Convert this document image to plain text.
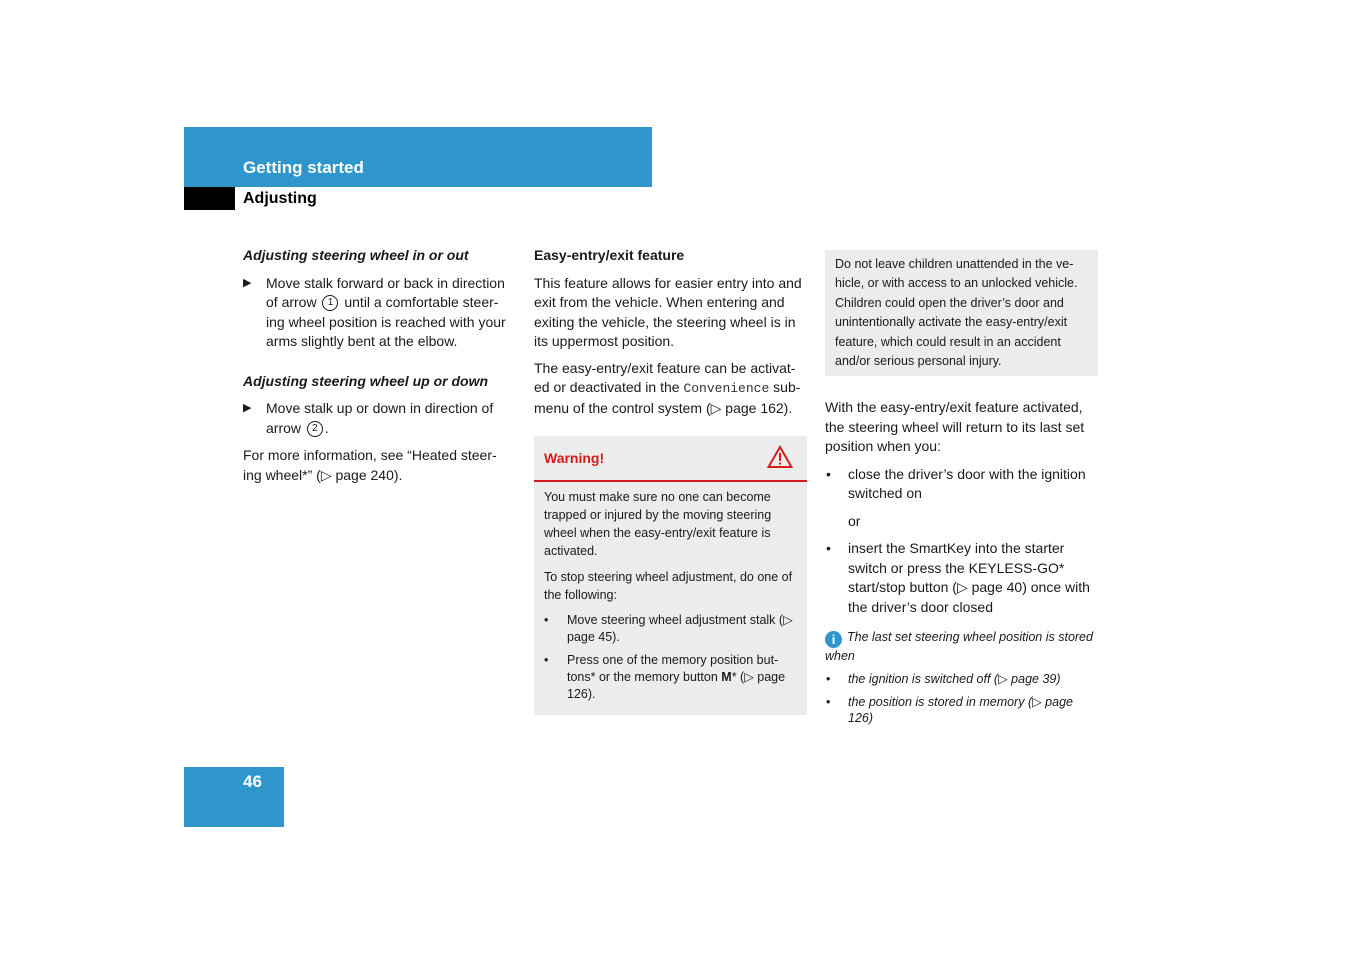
Getting started
Adjusting
Adjusting steering wheel in or out
▶ Move stalk forward or back in direction of arrow 1 until a comfortable steer-ing wheel position is reached with your arms slightly bent at the elbow.
Adjusting steering wheel up or down
▶ Move stalk up or down in direction of arrow 2 .

For more information, see “Heated steer-ing wheel*” (▷ page 240).

Easy-entry/exit feature

This feature allows for easier entry into and exit from the vehicle. When entering and exiting the vehicle, the steering wheel is in its uppermost position.

The easy-entry/exit feature can be activat-ed or deactivated in the Convenience sub-menu of the control system (▷ page 162).

Warning!

You must make sure no one can become trapped or injured by the moving steering wheel when the easy-entry/exit feature is activated.

To stop steering wheel adjustment, do one of the following:

• Move steering wheel adjustment stalk (▷ page 45).
• Press one of the memory position but-tons* or the memory button M* (▷ page 126).
Do not leave children unattended in the ve-hicle, or with access to an unlocked vehicle. Children could open the driver’s door and unintentionally activate the easy-entry/exit feature, which could result in an accident and/or serious personal injury.

With the easy-entry/exit feature activated, the steering wheel will return to its last set position when you:

• close the driver’s door with the ignition switched on
or
• insert the SmartKey into the starter switch or press the KEYLESS-GO* start/stop button (▷ page 40) once with the driver’s door closed
i The last set steering wheel position is stored when
• the ignition is switched off (▷ page 39)
• the position is stored in memory (▷ page 126)
46
